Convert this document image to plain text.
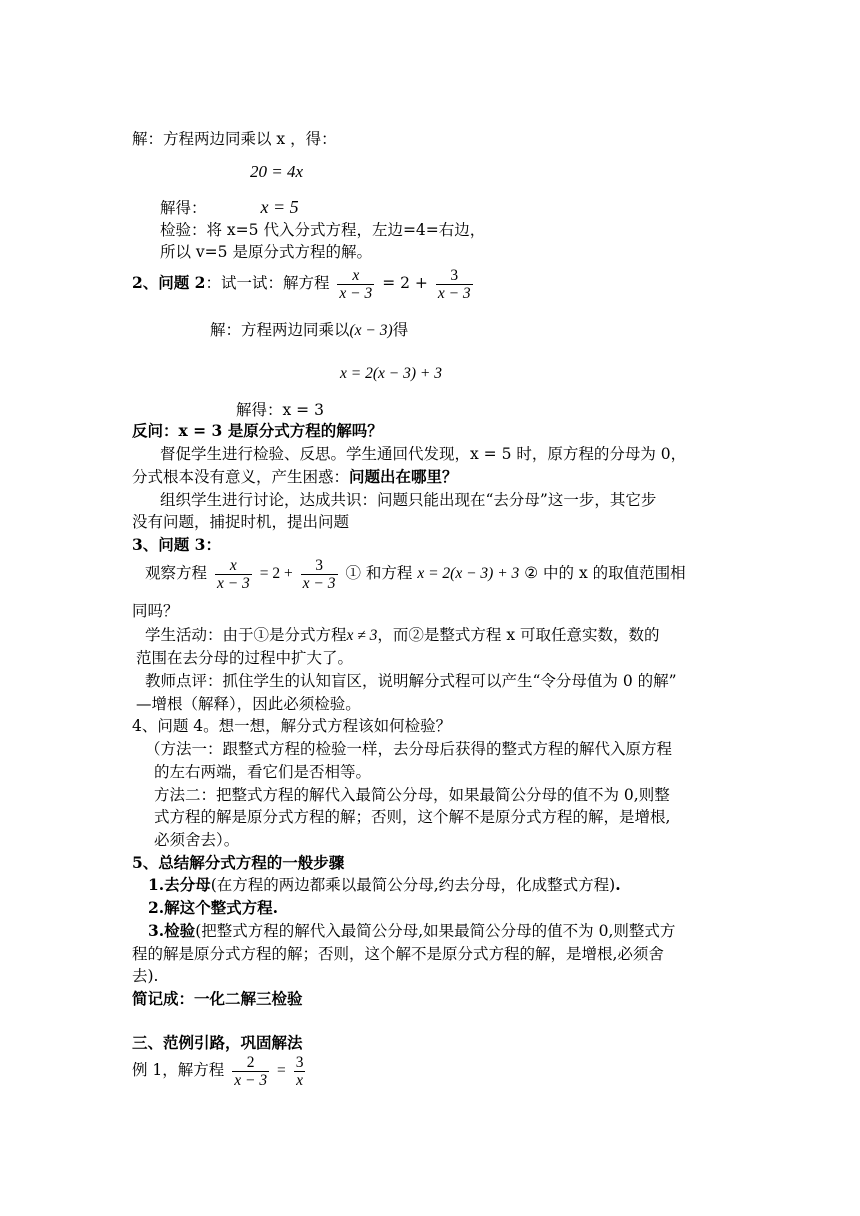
解：方程两边同乘以 x ，得：
20 = 4x
解得：	x = 5
检验：将 x=5 代入分式方程，左边=4=右边，
所以 v=5 是原分式方程的解。
2、问题 2：试一试：解方程 $\frac{x}{x - 3} = 2 + \frac{3}{x - 3}$
解：方程两边同乘以(x − 3)得
x = 2(x − 3) + 3
解得：x = 3
反问：x = 3 是原分式方程的解吗？
督促学生进行检验、反思。学生通回代发现，x = 5 时，原方程的分母为 0，
分式根本没有意义，产生困惑：问题出在哪里？
组织学生进行讨论，达成共识：问题只能出现在“去分母”这一步，其它步
没有问题，捕捉时机，提出问题
3、问题 3：
观察方程 $\frac{x}{x - 3} = 2 + \frac{3}{x - 3}$ ① 和方程 x = 2(x − 3) + 3 ② 中的 x 的取值范围相
同吗？
学生活动：由于①是分式方程x ≠ 3，而②是整式方程 x 可取任意实数，数的
范围在去分母的过程中扩大了。
教师点评：抓住学生的认知盲区，说明解分式程可以产生“令分母值为 0 的解”
—增根（解释），因此必须检验。
4、问题 4。想一想，解分式方程该如何检验？
（方法一：跟整式方程的检验一样，去分母后获得的整式方程的解代入原方程
的左右两端，看它们是否相等。
方法二：把整式方程的解代入最简公分母，如果最简公分母的值不为 0,则整
式方程的解是原分式方程的解；否则，这个解不是原分式方程的解，是增根,
必须舍去）。
5、总结解分式方程的一般步骤
1.去分母(在方程的两边都乘以最简公分母,约去分母，化成整式方程).
2.解这个整式方程.
3.检验(把整式方程的解代入最简公分母,如果最简公分母的值不为 0,则整式方
程的解是原分式方程的解；否则，这个解不是原分式方程的解，是增根,必须舍
去).
简记成：一化二解三检验
三、范例引路，巩固解法
例 1，解方程 $\frac{2}{x - 3} = \frac{3}{x}$
